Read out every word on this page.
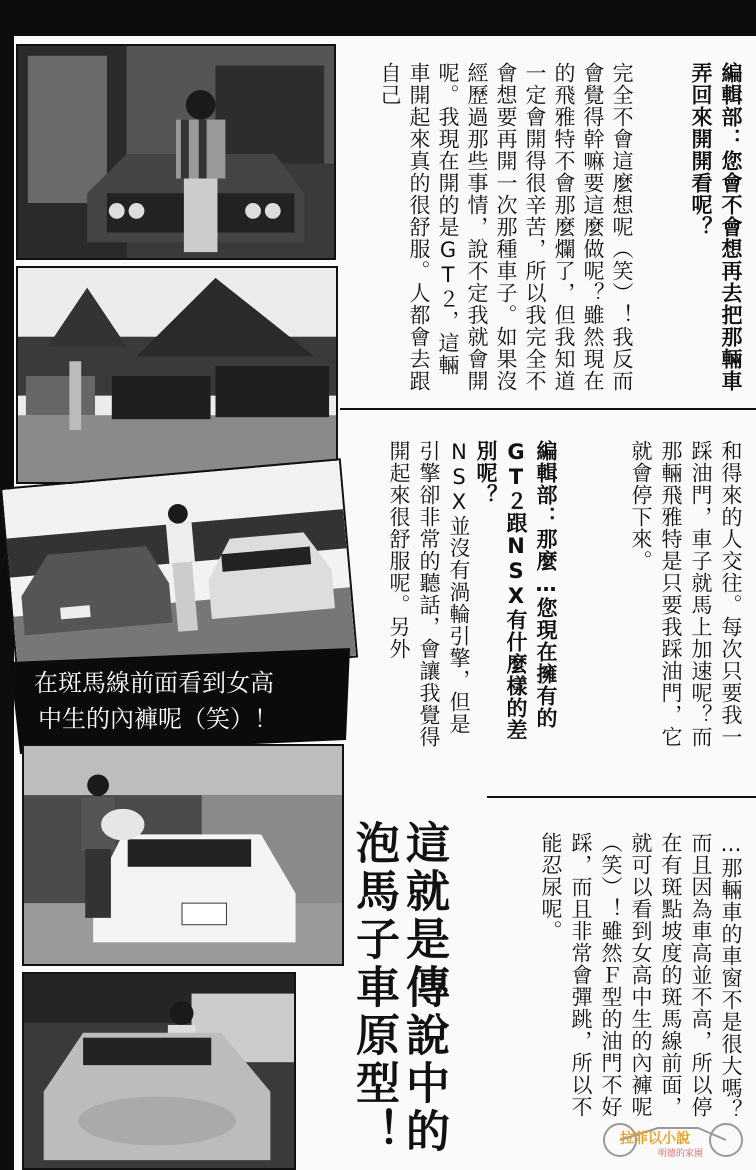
在斑馬線前面看到女高
中生的內褲呢（笑）！
編輯部：您會不會想再去把那輛車弄回來開開看呢？
完全不會這麼想呢（笑）！我反而會覺得幹嘛要這麼做呢？雖然現在的飛雅特不會那麼爛了，但我知道一定會開得很辛苦，所以我完全不會想要再開一次那種車子。如果沒經歷過那些事情，說不定我就會開呢。我現在開的是GT２，這輛車開起來真的很舒服。人都會去跟自己
和得來的人交往。每次只要我一踩油門，車子就馬上加速呢？而那輛飛雅特是只要我踩油門，它就會停下來。
編輯部：那麼…您現在擁有的GT２跟NSX有什麼樣的差別呢？
NSX並沒有渦輪引擎，但是引擎卻非常的聽話，會讓我覺得開起來很舒服呢。另外
…那輛車的車窗不是很大嗎？而且因為車高並不高，所以停在有斑點坡度的斑馬線前面，就可以看到女高中生的內褲呢（笑）！雖然Ｆ型的油門不好踩，而且非常會彈跳，所以不能忍尿呢。
這就是傳說中的
泡馬子車原型！	拉菲以小說
明德的家園
